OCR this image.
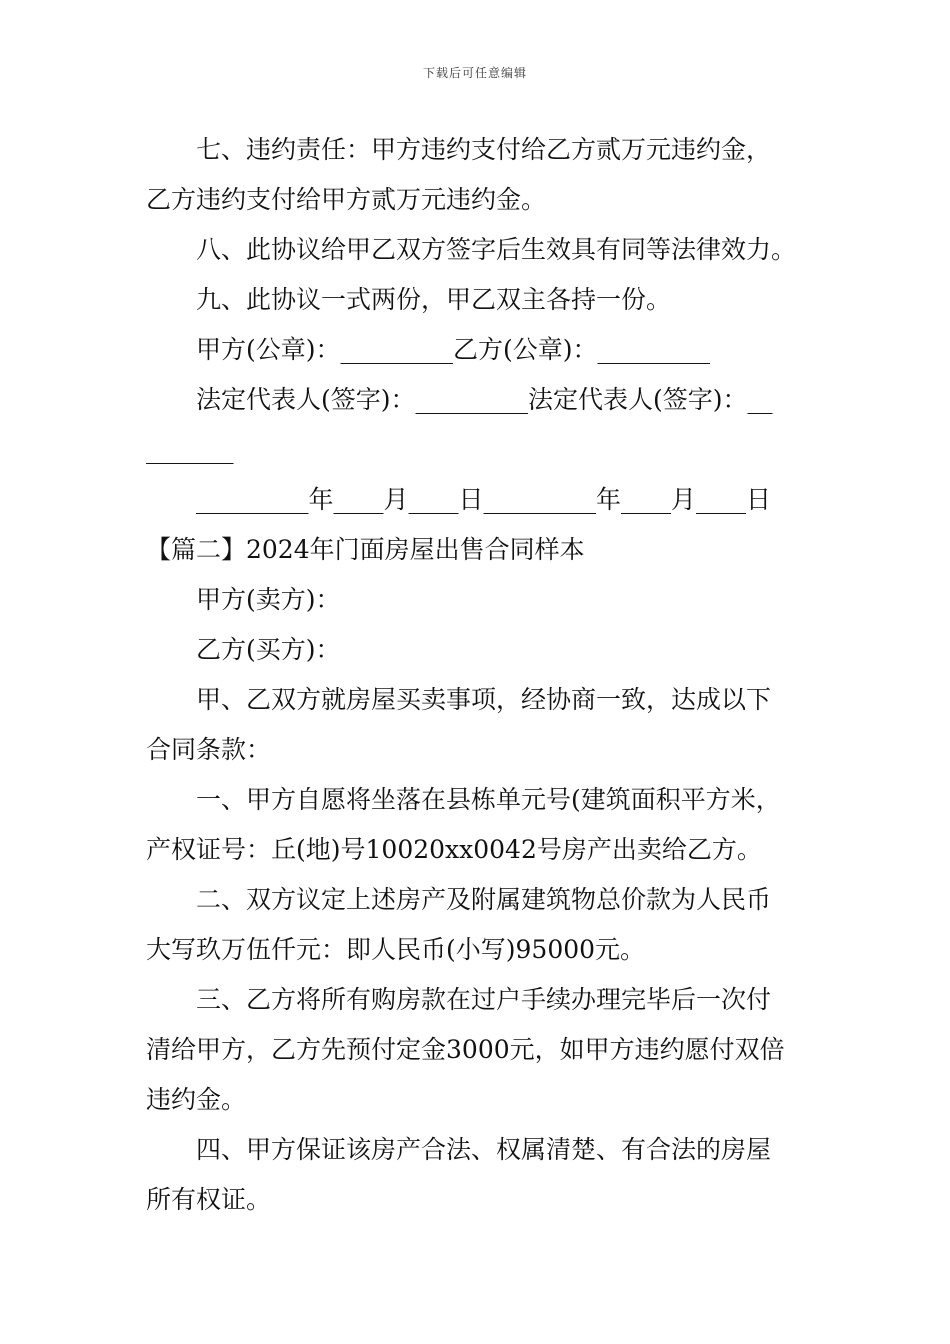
下载后可任意编辑
七、违约责任：甲方违约支付给乙方贰万元违约金，
乙方违约支付给甲方贰万元违约金。
八、此协议给甲乙双方签字后生效具有同等法律效力。
九、此协议一式两份，甲乙双主各持一份。
甲方(公章)：_________乙方(公章)：_________
法定代表人(签字)：_________法定代表人(签字)：__
_______
_________年____月____日_________年____月____日
【篇二】2024年门面房屋出售合同样本
甲方(卖方)：
乙方(买方)：
甲、乙双方就房屋买卖事项，经协商一致，达成以下
合同条款：
一、甲方自愿将坐落在县栋单元号(建筑面积平方米，
产权证号：丘(地)号10020xx0042号房产出卖给乙方。
二、双方议定上述房产及附属建筑物总价款为人民币
大写玖万伍仟元：即人民币(小写)95000元。
三、乙方将所有购房款在过户手续办理完毕后一次付
清给甲方，乙方先预付定金3000元，如甲方违约愿付双倍
违约金。
四、甲方保证该房产合法、权属清楚、有合法的房屋
所有权证。
